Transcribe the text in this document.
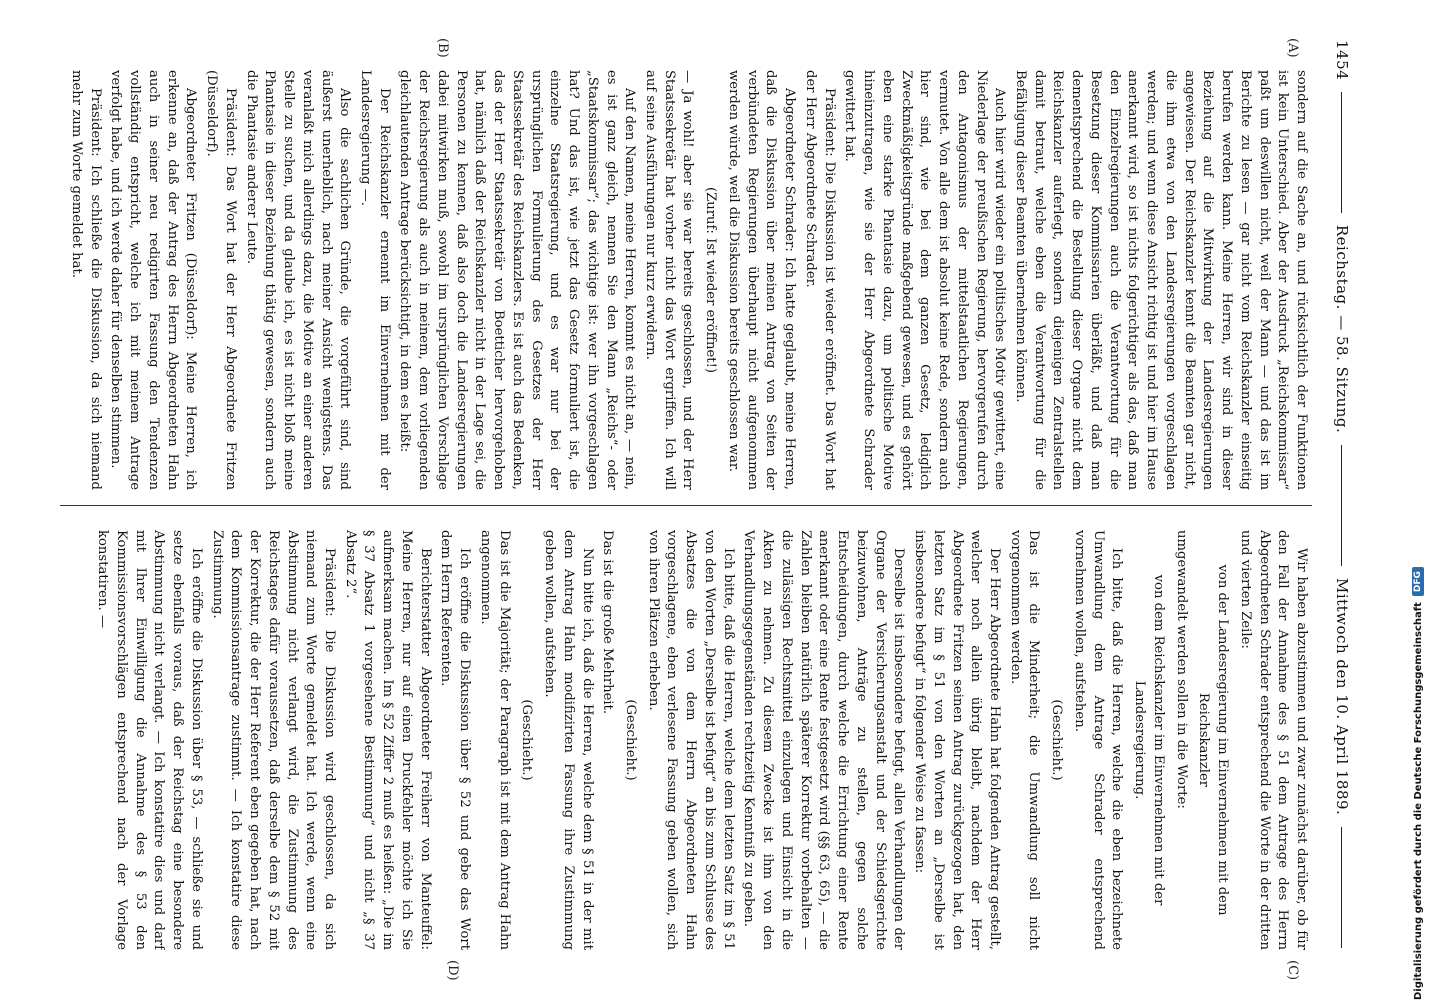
1454
Reichstag. — 58. Sitzung.
Mittwoch den 10. April 1889.
(A)
(B)
(C)
(D)

sondern auf die Sache an, und rücksichtlich der Funktionen ist kein Unterschied. Aber der Ausdruck „Reichskommissar“ paßt um deswillen nicht, weil der Mann — und das ist im Berichte zu lesen — gar nicht vom Reichskanzler einseitig berufen werden kann. Meine Herren, wir sind in dieser Beziehung auf die Mitwirkung der Landesregierungen angewiesen. Der Reichskanzler kennt die Beamten gar nicht, die ihm etwa von den Landesregierungen vorgeschlagen werden; und wenn diese Ansicht richtig ist und hier im Hause anerkannt wird, so ist nichts folgerichtiger als das, daß man den Einzelregierungen auch die Verantwortung für die Besetzung dieser Kommissarien überläßt, und daß man dementsprechend die Bestellung dieser Organe nicht dem Reichskanzler auferlegt, sondern diejenigen Zentralstellen damit betraut, welche eben die Verantwortung für die Befähigung dieser Beamten übernehmen können.

Auch hier wird wieder ein politisches Motiv gewittert, eine Niederlage der preußischen Regierung, hervorgerufen durch den Antagonismus der mittelstaatlichen Regierungen, vermutet. Von alle dem ist absolut keine Rede, sondern auch hier sind, wie bei dem ganzen Gesetz, lediglich Zweckmäßigkeitsgründe maßgebend gewesen, und es gehört eben eine starke Phantasie dazu, um politische Motive hineinzutragen, wie sie der Herr Abgeordnete Schrader gewittert hat.

Präsident: Die Diskussion ist wieder eröffnet. Das Wort hat der Herr Abgeordnete Schrader.

Abgeordneter Schrader: Ich hatte geglaubt, meine Herren, daß die Diskussion über meinen Antrag von Seiten der verbündeten Regierungen überhaupt nicht aufgenommen werden würde, weil die Diskussion bereits geschlossen war.

(Zuruf: Ist wieder eröffnet!)

— Ja wohl! aber sie war bereits geschlossen, und der Herr Staatssekretär hat vorher nicht das Wort ergriffen. Ich will auf seine Ausführungen nur kurz erwidern.

Auf den Namen, meine Herren, kommt es nicht an, — nein, es ist ganz gleich, nennen Sie den Mann „Reichs“- oder „Staatskommissar“; das wichtige ist: wer ihn vorgeschlagen hat? Und das ist, wie jetzt das Gesetz formuliert ist, die einzelne Staatsregierung, und es war nur bei der ursprünglichen Formulierung des Gesetzes der Herr Staatssekretär des Reichskanzlers. Es ist auch das Bedenken, das der Herr Staatssekretär von Boetticher hervorgehoben hat, nämlich daß der Reichskanzler nicht in der Lage sei, die Personen zu kennen, daß also doch die Landesregierungen dabei mitwirken muß, sowohl im ursprünglichen Vorschlage der Reichsregierung als auch in meinem, dem vorliegenden gleichlautenden Antrage berücksichtigt, in dem es heißt:

Der Reichskanzler ernennt im Einvernehmen mit der Landesregierung —.

Also die sachlichen Gründe, die vorgeführt sind, sind äußerst unerheblich, nach meiner Ansicht wenigstens. Das veranlaßt mich allerdings dazu, die Motive an einer anderen Stelle zu suchen, und da glaube ich, es ist nicht bloß meine Phantasie in dieser Beziehung thätig gewesen, sondern auch die Phantasie anderer Leute.

Präsident: Das Wort hat der Herr Abgeordnete Fritzen (Düsseldorf).

Abgeordneter Fritzen (Düsseldorf): Meine Herren, ich erkenne an, daß der Antrag des Herrn Abgeordneten Hahn auch in seiner neu redigirten Fassung den Tendenzen vollständig entspricht, welche ich mit meinem Antrage verfolgt habe, und ich werde daher für denselben stimmen.

Präsident: Ich schließe die Diskussion, da sich niemand mehr zum Worte gemeldet hat.

Wir haben abzustimmen und zwar zunächst darüber, ob für den Fall der Annahme des § 51 dem Antrage des Herrn Abgeordneten Schrader entsprechend die Worte in der dritten und vierten Zeile:

von der Landesregierung im Einvernehmen mit dem Reichskanzler

umgewandelt werden sollen in die Worte:

von dem Reichskanzler im Einvernehmen mit der Landesregierung.

Ich bitte, daß die Herren, welche die eben bezeichnete Umwandlung dem Antrage Schrader entsprechend vornehmen wollen, aufstehen.

(Geschieht.)

Das ist die Minderheit; die Umwandlung soll nicht vorgenommen werden.

Der Herr Abgeordnete Hahn hat folgenden Antrag gestellt, welcher noch allein übrig bleibt, nachdem der Herr Abgeordnete Fritzen seinen Antrag zurückgezogen hat, den letzten Satz im § 51 von den Worten an „Derselbe ist insbesondere befugt“ in folgender Weise zu fassen:

Derselbe ist insbesondere befugt, allen Verhandlungen der Organe der Versicherungsanstalt und der Schiedsgerichte beizuwohnen, Anträge zu stellen, gegen solche Entscheidungen, durch welche die Errichtung einer Rente anerkannt oder eine Rente festgesetzt wird (§§ 63, 65), — die Zahlen bleiben natürlich späterer Korrektur vorbehalten — die zulässigen Rechtsmittel einzulegen und Einsicht in die Akten zu nehmen. Zu diesem Zwecke ist ihm von den Verhandlungsgegenständen rechtzeitig Kenntniß zu geben.

Ich bitte, daß die Herren, welche dem letzten Satz im § 51 von den Worten „Derselbe ist befugt“ an bis zum Schlusse des Absatzes die von dem Herrn Abgeordneten Hahn vorgeschlagene, eben verlesene Fassung geben wollen, sich von ihren Plätzen erheben.

(Geschieht.)

Das ist die große Mehrheit.

Nun bitte ich, daß die Herren, welche dem § 51 in der mit dem Antrag Hahn modifizirten Fassung ihre Zustimmung geben wollen, aufstehen.

(Geschieht.)

Das ist die Majorität; der Paragraph ist mit dem Antrag Hahn angenommen.

Ich eröffne die Diskussion über § 52 und gebe das Wort dem Herrn Referenten.

Berichterstatter Abgeordneter Freiherr von Manteuffel: Meine Herren, nur auf einen Druckfehler möchte ich Sie aufmerksam machen. Im § 52 Ziffer 2 muß es heißen: „Die im § 37 Absatz 1 vorgesehene Bestimmung“ und nicht „§ 37 Absatz 2“.

Präsident: Die Diskussion wird geschlossen, da sich niemand zum Worte gemeldet hat. Ich werde, wenn eine Abstimmung nicht verlangt wird, die Zustimmung des Reichstages dafür voraussetzen, daß derselbe dem § 52 mit der Korrektur, die der Herr Referent eben gegeben hat, nach dem Kommissionsantrage zustimmt. — Ich konstatire diese Zustimmung.

Ich eröffne die Diskussion über § 53, — schließe sie und setze ebenfalls voraus, daß der Reichstag eine besondere Abstimmung nicht verlangt. — Ich konstatire dies und darf mit Ihrer Einwilligung die Annahme des § 53 den Kommissionsvorschlägen entsprechend nach der Vorlage konstatiren. —

Digitalisierung gefördert durch die Deutsche Forschungsgemeinschaft
DFG
